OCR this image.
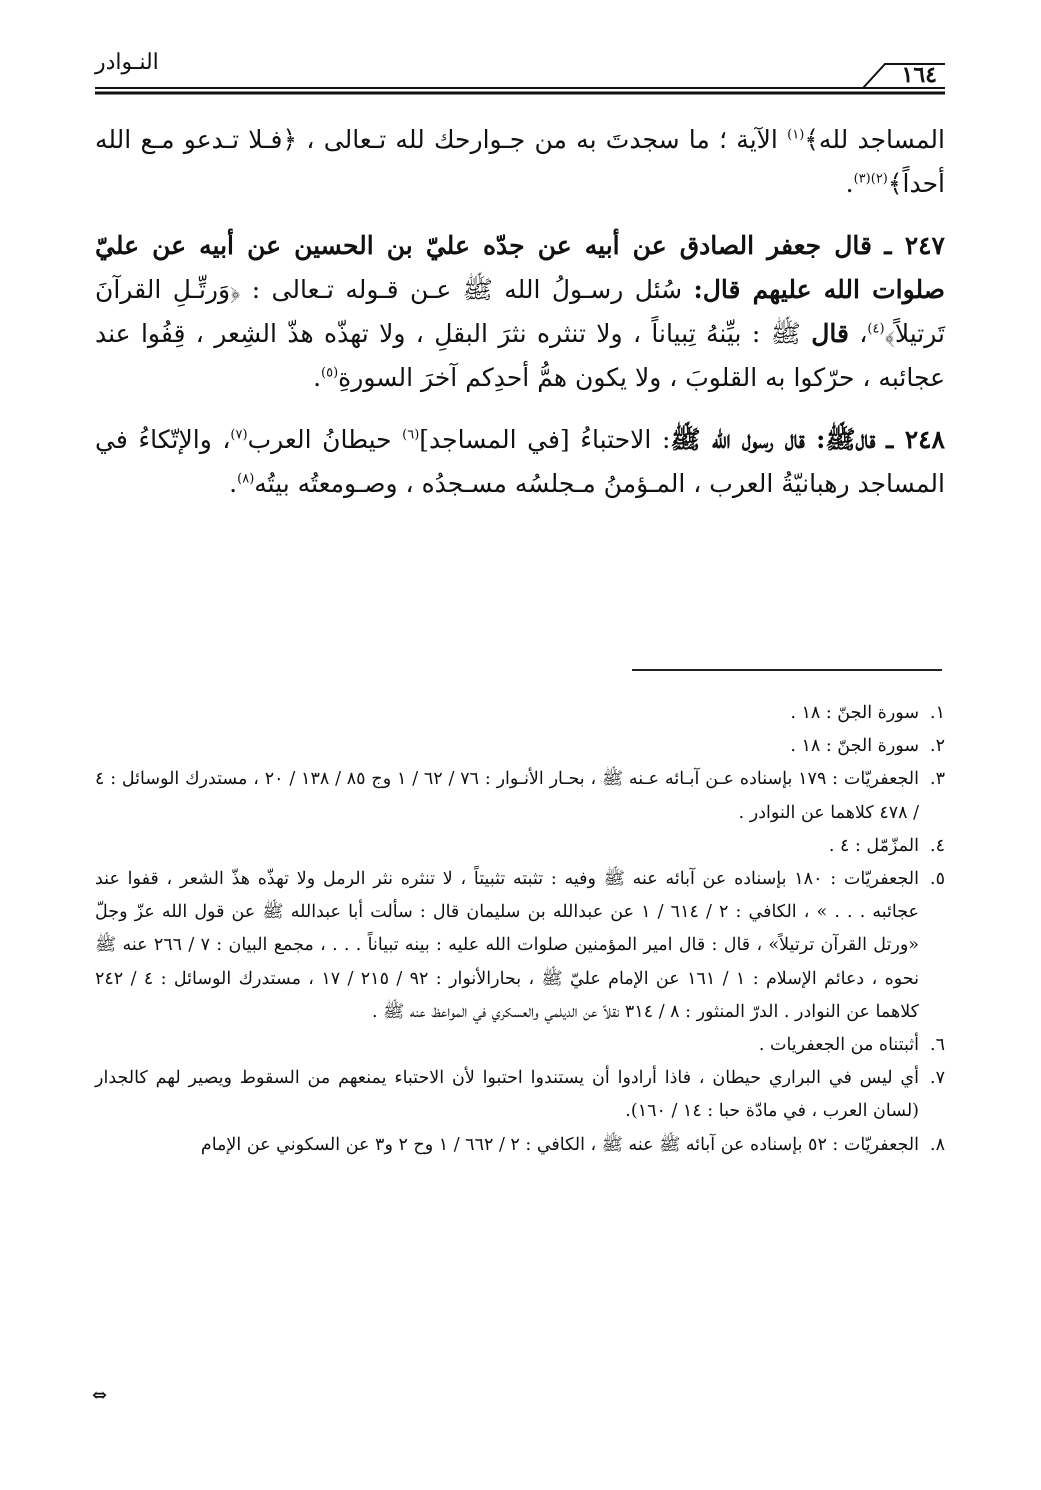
النـوادر	١٦٤

المساجد لله﴾$^{(١)}$ الآية ؛ ما سجدتَ به من جـوارحك لله تـعالى ، ﴿فـلا تـدعو مـع الله أحداً﴾$^{(٢)(٣)}$.

٢٤٧ ـ قال جعفر الصادق عن أبيه عن جدّه عليّ بن الحسين عن أبيه عن عليّ صلوات الله عليهم قال: سُئل رسـولُ الله ﷺ عـن قـوله تـعالى : ﴿وَرتِّـلِ القرآنَ تَرتيلاً﴾$^{(٤)}$، قال ﷺ : بيِّنهُ تِبياناً ، ولا تنثره نثرَ البقلِ ، ولا تهذّه هذّ الشِعر ، قِفُوا عند عجائبه ، حرّكوا به القلوبَ ، ولا يكون همُّ أحدِكم آخرَ السورةِ$^{(٥)}$.

٢٤٨ ـ قالﷺ: قال رسول الله ﷺ: الاحتباءُ [في المساجد]$^{(٦)}$ حيطانُ العرب$^{(٧)}$، والإتّكاءُ في المساجد رهبانيّةُ العرب ، المـؤمنُ مـجلسُه مسـجدُه ، وصـومعتُه بيتُه$^{(٨)}$.

١.
سورة الجنّ : ١٨ .
٢.
سورة الجنّ : ١٨ .
٣.
الجعفريّات : ١٧٩ بإسناده عـن آبـائه عـنه ﷺ ، بحـار الأنـوار : ٧٦ / ٦٢ / ١ وج ٨٥ / ١٣٨ / ٢٠ ، مستدرك الوسائل : ٤ / ٤٧٨ كلاهما عن النوادر .
٤.
المزّمّل : ٤ .
٥.
الجعفريّات : ١٨٠ بإسناده عن آبائه عنه ﷺ وفيه : تثبته تثبيتاً ، لا تنثره نثر الرمل ولا تهذّه هذّ الشعر ، قفوا عند عجائبه . . . » ، الكافي : ٢ / ٦١٤ / ١ عن عبدالله بن سليمان قال : سألت أبا عبدالله ﷺ عن قول الله عزّ وجلّ «ورتل القرآن ترتيلاً» ، قال : قال امير المؤمنين صلوات الله عليه : بينه تبياناً . . . ، مجمع البيان : ٧ / ٢٦٦ عنه ﷺ نحوه ، دعائم الإسلام : ١ / ١٦١ عن الإمام عليّ ﷺ ، بحارالأنوار : ٩٢ / ٢١٥ / ١٧ ، مستدرك الوسائل : ٤ / ٢٤٢ كلاهما عن النوادر . الدرّ المنثور : ٨ / ٣١٤ نقلاً عن الديلمي والعسكري في المواعظ عنه ﷺ .
٦.
أثبتناه من الجعفريات .
٧.
أي ليس في البراري حيطان ، فاذا أرادوا أن يستندوا احتبوا لأن الاحتباء يمنعهم من السقوط ويصير لهم كالجدار (لسان العرب ، في مادّة حبا : ١٤ / ١٦٠).
٨.
الجعفريّات : ٥٢ بإسناده عن آبائه ﷺ عنه ﷺ ، الكافي : ٢ / ٦٦٢ / ١ وح ٢ و٣ عن السكوني عن الإمام
⇔
